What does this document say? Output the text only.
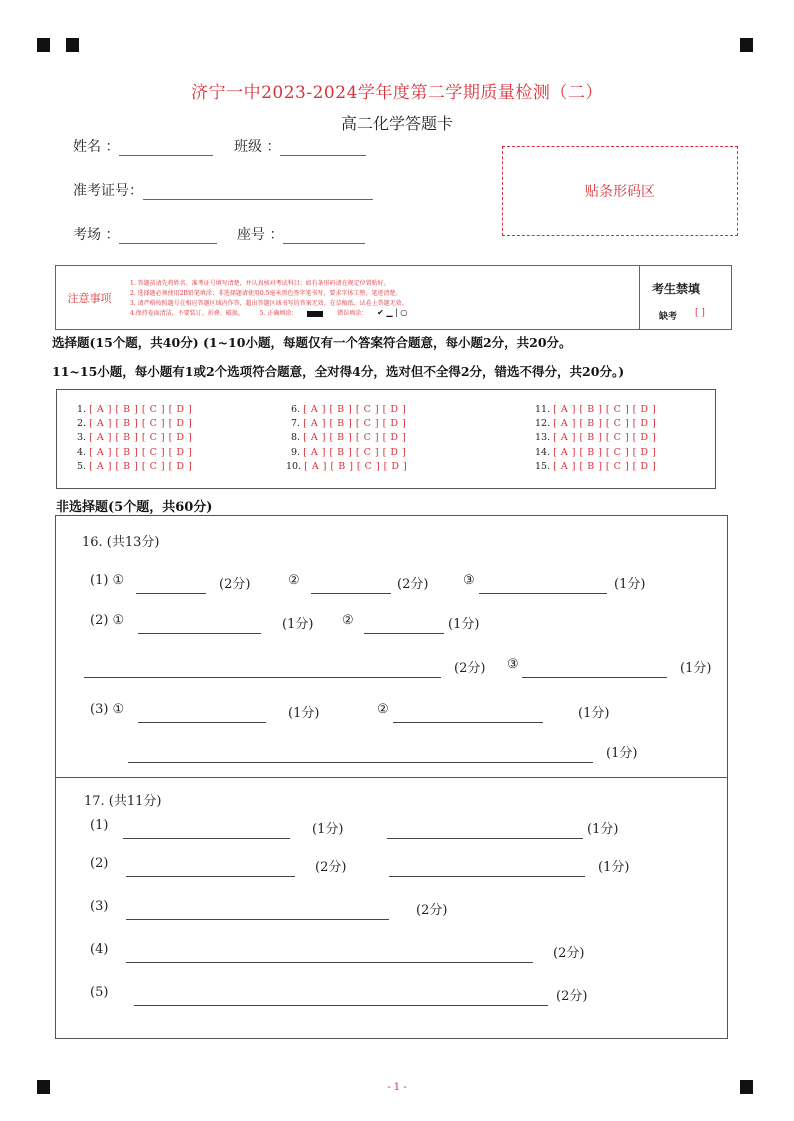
济宁一中2023-2024学年度第二学期质量检测（二）
高二化学答题卡
姓名 ：	班级 ：
准考证号：
考场 ：	座号 ：
贴条形码区
注意事项
1. 答题前请先将姓名、准考证号填写清楚，并认真核对考试科目；如有条形码请在规定位置贴好。
2. 选择题必须使用2B铅笔填涂；非选择题请使用0.5毫米黑色签字笔书写，要求字体工整，笔迹清楚。
3. 请严格按照题号在相应答题区域内作答，超出答题区域书写的答案无效。在草稿纸、试卷上答题无效。
4.保持卷面清洁，不要装订、折叠、破损。	5. 正确填涂：	错误填涂： ✔ ▁ | ○
考生禁填
缺考 [ ]
选择题(15个题，共40分) (1~10小题，每题仅有一个答案符合题意，每小题2分，共20分。
11~15小题，每小题有1或2个选项符合题意，全对得4分，选对但不全得2分，错选不得分，共20分。)
1. [ A ] [ B ] [ C ] [ D ]
2. [ A ] [ B ] [ C ] [ D ]
3. [ A ] [ B ] [ C ] [ D ]
4. [ A ] [ B ] [ C ] [ D ]
5. [ A ] [ B ] [ C ] [ D ]
6. [ A ] [ B ] [ C ] [ D ]
7. [ A ] [ B ] [ C ] [ D ]
8. [ A ] [ B ] [ C ] [ D ]
9. [ A ] [ B ] [ C ] [ D ]
10. [ A ] [ B ] [ C ] [ D ]
11. [ A ] [ B ] [ C ] [ D ]
12. [ A ] [ B ] [ C ] [ D ]
13. [ A ] [ B ] [ C ] [ D ]
14. [ A ] [ B ] [ C ] [ D ]
15. [ A ] [ B ] [ C ] [ D ]
非选择题(5个题，共60分)
16. (共13分)
(1) ①	(2分)	②	(2分)	③	(1分)
(2) ①	(1分) ②	(1分)
(2分) ③	(1分)
(3) ①	(1分)	②	(1分)
(1分)
17. (共11分)
(1)	(1分)	(1分)
(2)	(2分)	(1分)
(3)	(2分)
(4)	(2分)
(5)	(2分)
- 1 -
